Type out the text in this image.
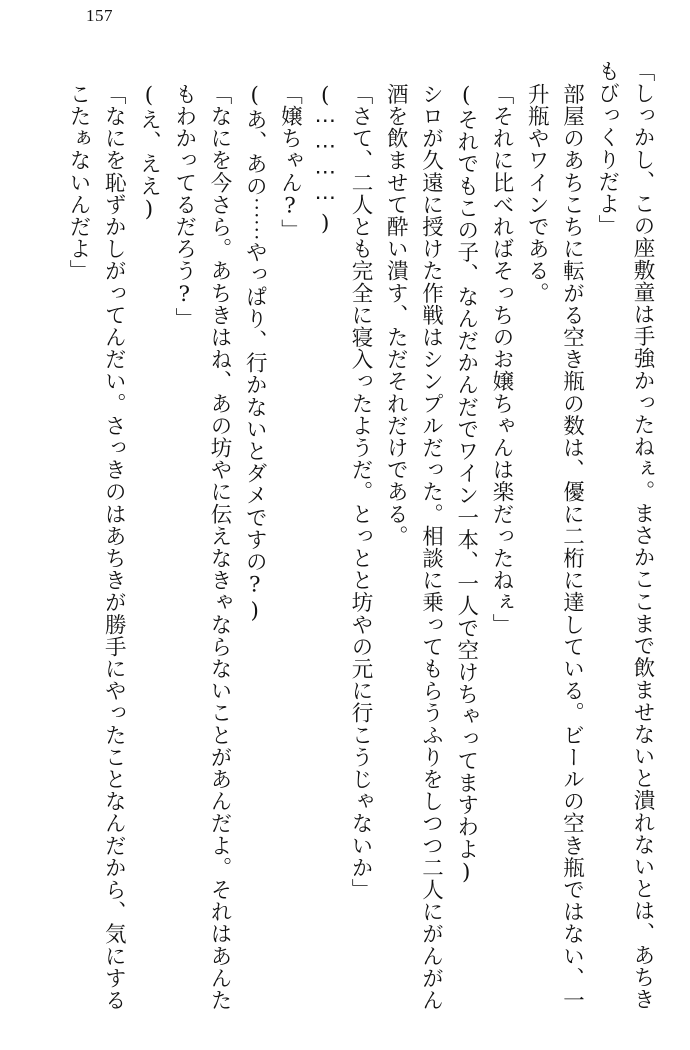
157

「しっかし、この座敷童は手強かったねぇ。まさかここまで飲ませないと潰れないとは、あちきもびっくりだよ」

部屋のあちこちに転がる空き瓶の数は、優に二桁に達している。ビールの空き瓶ではない、一升瓶やワインである。

「それに比べればそっちのお嬢ちゃんは楽だったねぇ」

(それでもこの子、なんだかんだでワイン一本、一人で空けちゃってますわよ)

シロが久遠に授けた作戦はシンプルだった。相談に乗ってもらうふりをしつつ二人にがんがん酒を飲ませて酔い潰す、ただそれだけである。

「さて、二人とも完全に寝入ったようだ。とっとと坊やの元に行こうじゃないか」

(⋯⋯⋯⋯)

「嬢ちゃん?」

(あ、あの⋯⋯やっぱり、行かないとダメですの?)

「なにを今さら。あちきはね、あの坊やに伝えなきゃならないことがあんだよ。それはあんたもわかってるだろう?」

(え、ええ)

「なにを恥ずかしがってんだい。さっきのはあちきが勝手にやったことなんだから、気にするこたぁないんだよ」
